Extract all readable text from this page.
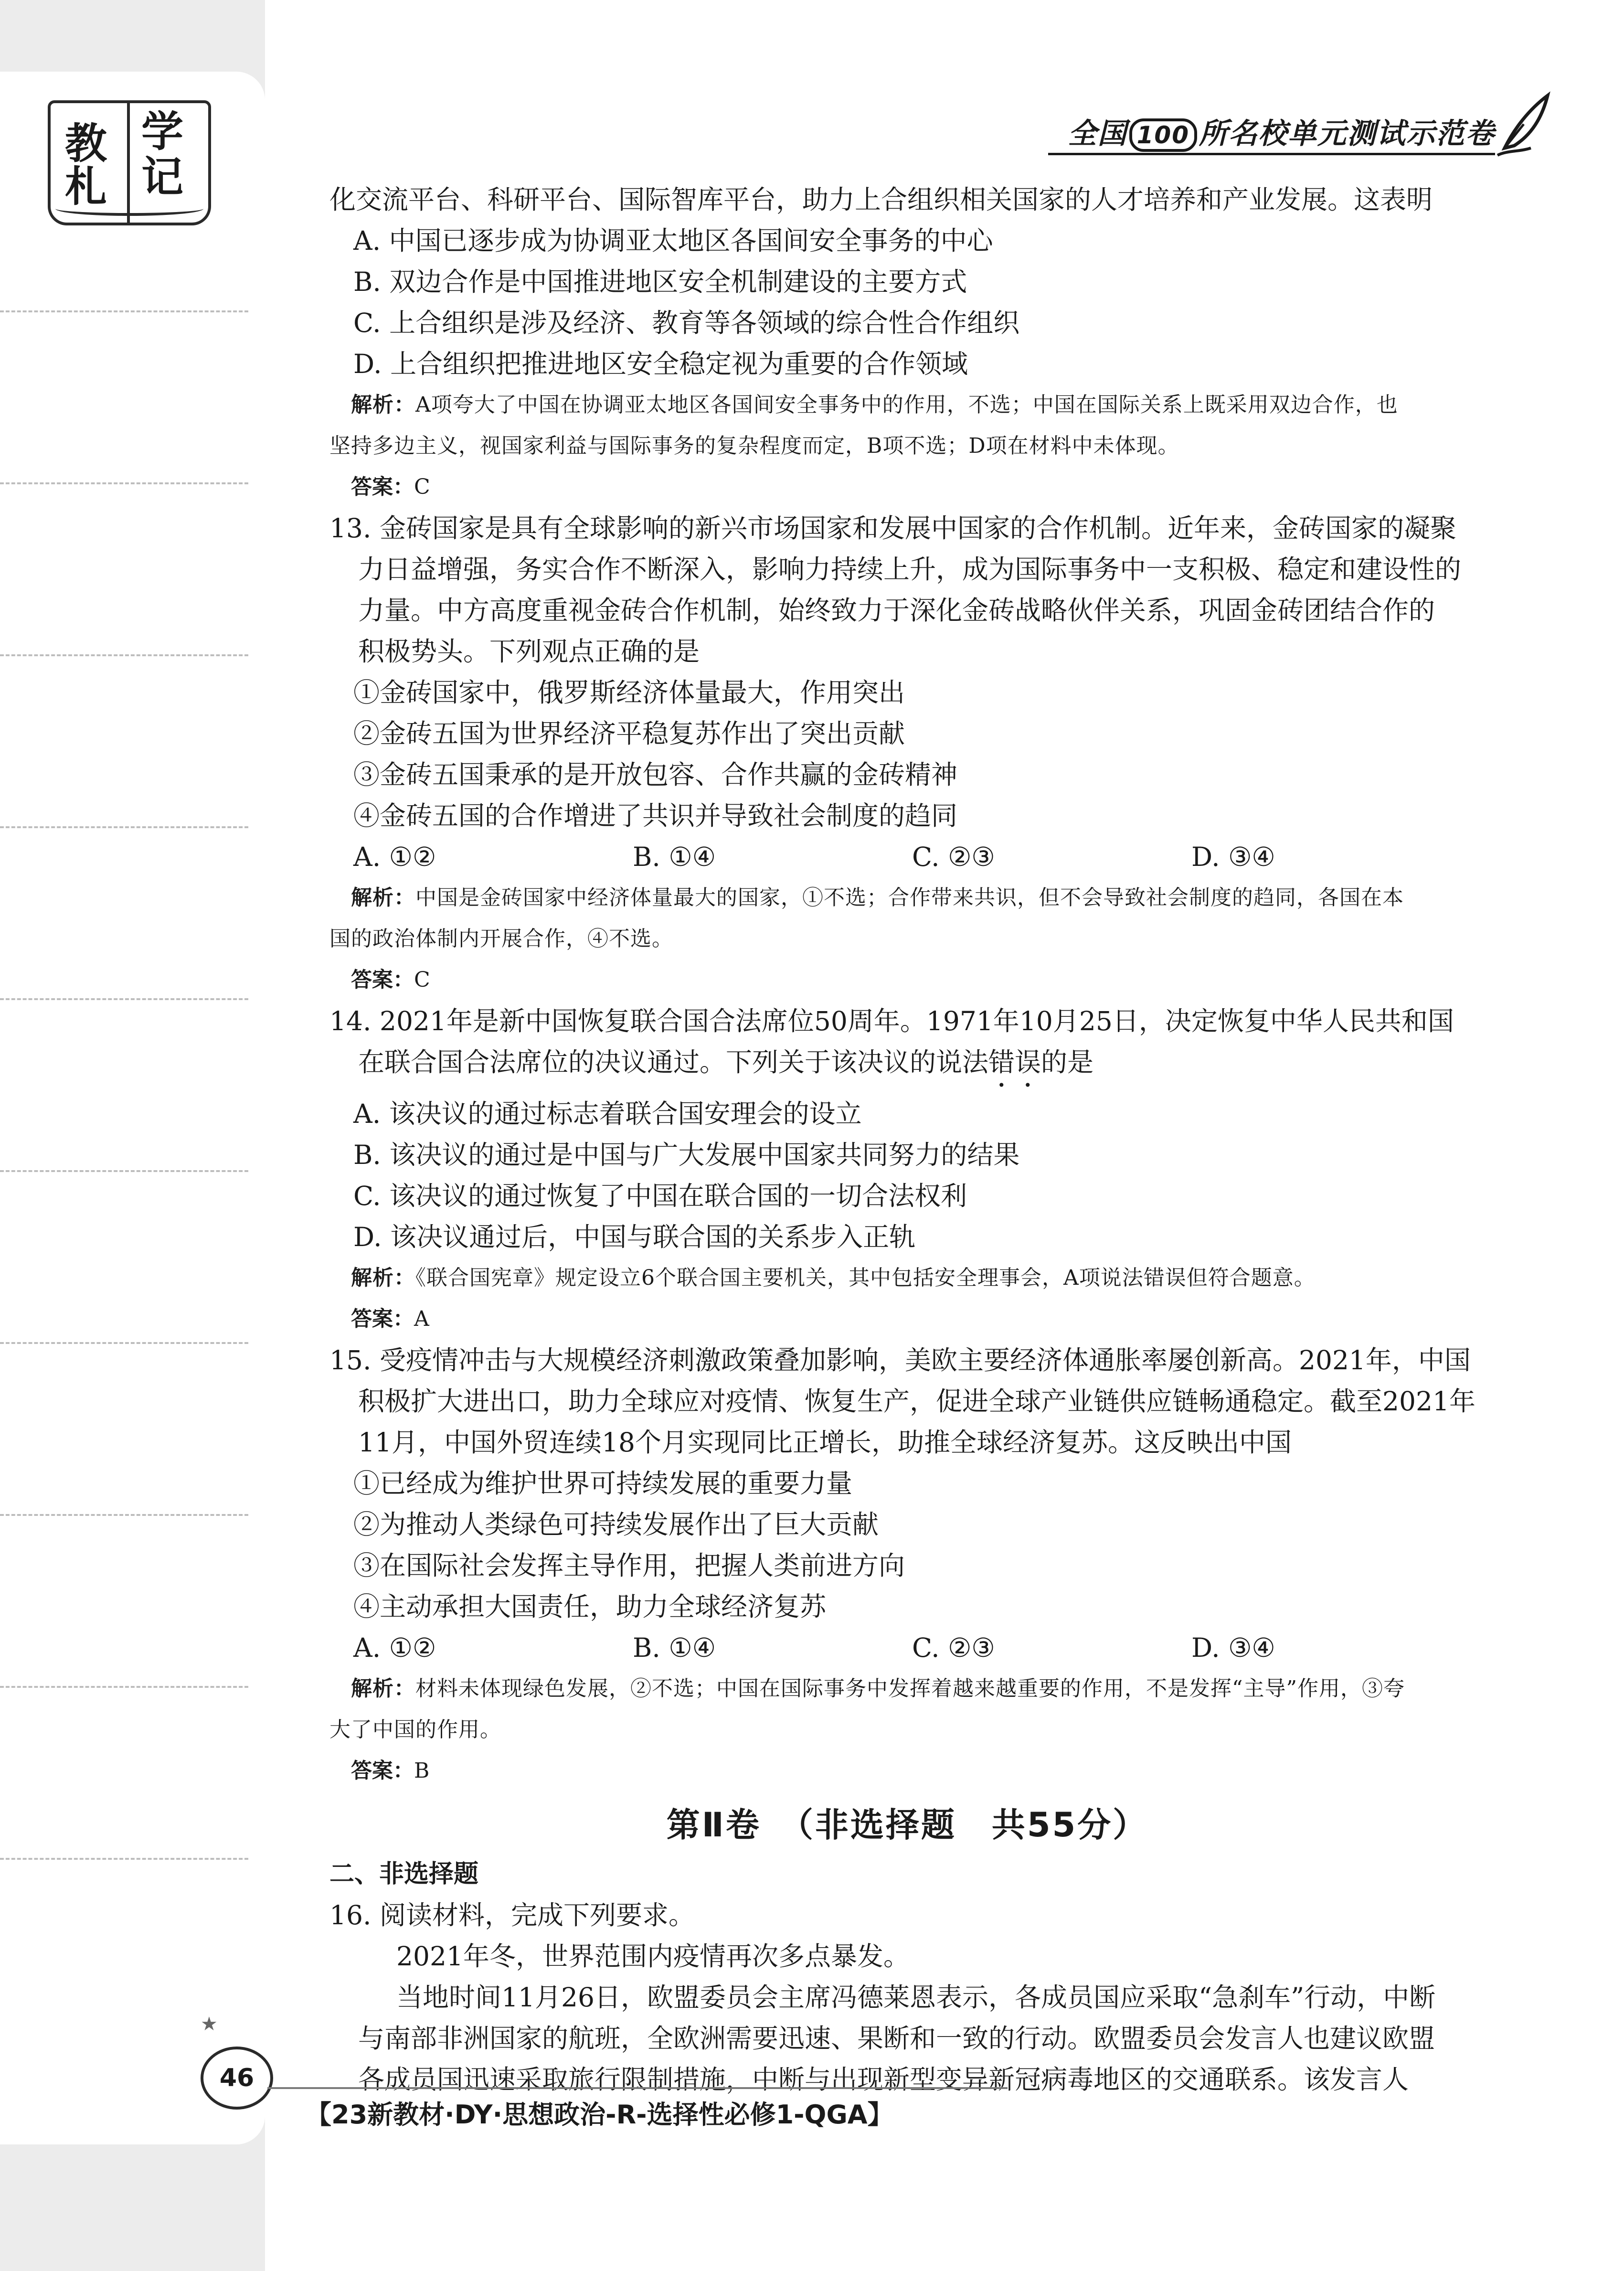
教 学
札 记
全国 100 所名校单元测试示范卷
化交流平台、科研平台、国际智库平台，助力上合组织相关国家的人才培养和产业发展。这表明
A. 中国已逐步成为协调亚太地区各国间安全事务的中心
B. 双边合作是中国推进地区安全机制建设的主要方式
C. 上合组织是涉及经济、教育等各领域的综合性合作组织
D. 上合组织把推进地区安全稳定视为重要的合作领域
解析：A项夸大了中国在协调亚太地区各国间安全事务中的作用，不选；中国在国际关系上既采用双边合作，也
坚持多边主义，视国家利益与国际事务的复杂程度而定，B项不选；D项在材料中未体现。
答案：C
13. 金砖国家是具有全球影响的新兴市场国家和发展中国家的合作机制。近年来，金砖国家的凝聚
力日益增强，务实合作不断深入，影响力持续上升，成为国际事务中一支积极、稳定和建设性的
力量。中方高度重视金砖合作机制，始终致力于深化金砖战略伙伴关系，巩固金砖团结合作的
积极势头。下列观点正确的是
①金砖国家中，俄罗斯经济体量最大，作用突出
②金砖五国为世界经济平稳复苏作出了突出贡献
③金砖五国秉承的是开放包容、合作共赢的金砖精神
④金砖五国的合作增进了共识并导致社会制度的趋同
A. ①②	B. ①④	C. ②③	D. ③④
解析：中国是金砖国家中经济体量最大的国家，①不选；合作带来共识，但不会导致社会制度的趋同，各国在本
国的政治体制内开展合作，④不选。
答案：C
14. 2021年是新中国恢复联合国合法席位50周年。1971年10月25日，决定恢复中华人民共和国
在联合国合法席位的决议通过。下列关于该决议的说法错误的是
A. 该决议的通过标志着联合国安理会的设立
B. 该决议的通过是中国与广大发展中国家共同努力的结果
C. 该决议的通过恢复了中国在联合国的一切合法权利
D. 该决议通过后，中国与联合国的关系步入正轨
解析：《联合国宪章》规定设立6个联合国主要机关，其中包括安全理事会，A项说法错误但符合题意。
答案：A
15. 受疫情冲击与大规模经济刺激政策叠加影响，美欧主要经济体通胀率屡创新高。2021年，中国
积极扩大进出口，助力全球应对疫情、恢复生产，促进全球产业链供应链畅通稳定。截至2021年
11月，中国外贸连续18个月实现同比正增长，助推全球经济复苏。这反映出中国
①已经成为维护世界可持续发展的重要力量
②为推动人类绿色可持续发展作出了巨大贡献
③在国际社会发挥主导作用，把握人类前进方向
④主动承担大国责任，助力全球经济复苏
A. ①②	B. ①④	C. ②③	D. ③④
解析：材料未体现绿色发展，②不选；中国在国际事务中发挥着越来越重要的作用，不是发挥“主导”作用，③夸
大了中国的作用。
答案：B
第Ⅱ卷　（非选择题　共55分）
二、非选择题
16. 阅读材料，完成下列要求。
2021年冬，世界范围内疫情再次多点暴发。
当地时间11月26日，欧盟委员会主席冯德莱恩表示，各成员国应采取“急刹车”行动，中断
与南部非洲国家的航班，全欧洲需要迅速、果断和一致的行动。欧盟委员会发言人也建议欧盟
各成员国迅速采取旅行限制措施，中断与出现新型变异新冠病毒地区的交通联系。该发言人
★
46
【23新教材·DY·思想政治-R-选择性必修1-QGA】
